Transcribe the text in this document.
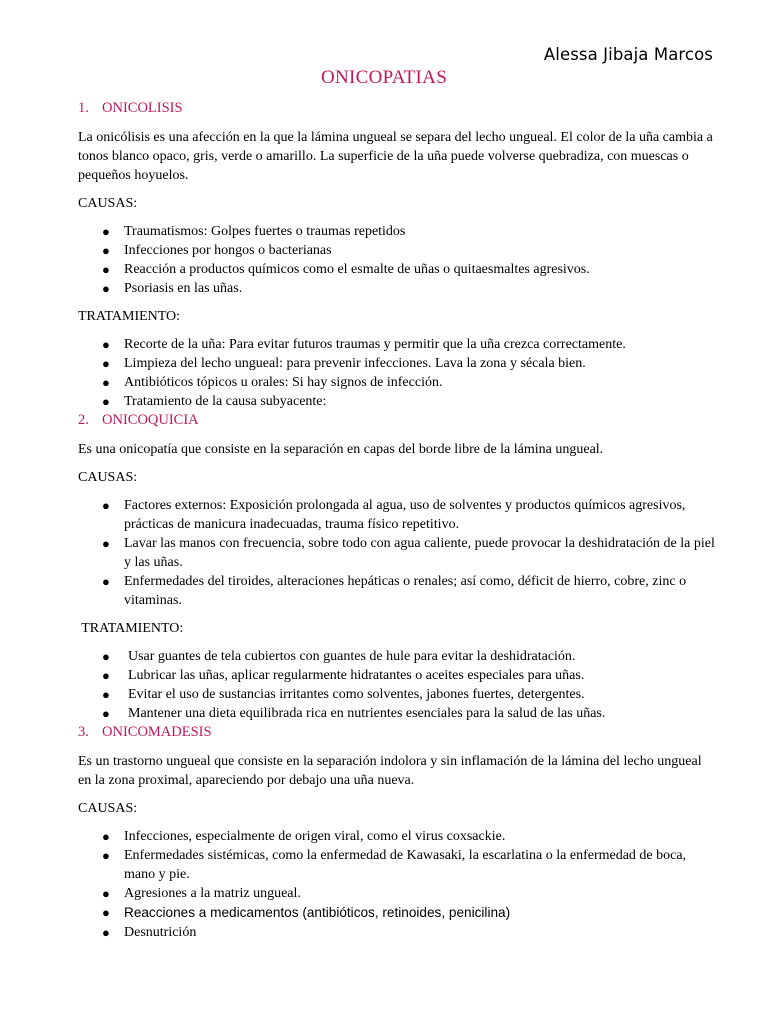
Alessa Jibaja Marcos
ONICOPATIAS
1. ONICOLISIS

La onicólisis es una afección en la que la lámina ungueal se separa del lecho ungueal. El color de la uña cambia a tonos blanco opaco, gris, verde o amarillo. La superficie de la uña puede volverse quebradiza, con muescas o pequeños hoyuelos.

CAUSAS:

● Traumatismos: Golpes fuertes o traumas repetidos
● Infecciones por hongos o bacterianas
● Reacción a productos químicos como el esmalte de uñas o quitaesmaltes agresivos.
● Psoriasis en las uñas.

TRATAMIENTO:

● Recorte de la uña: Para evitar futuros traumas y permitir que la uña crezca correctamente.
● Limpieza del lecho ungueal: para prevenir infecciones. Lava la zona y sécala bien.
● Antibióticos tópicos u orales: Si hay signos de infección.
● Tratamiento de la causa subyacente:
2. ONICOQUICIA

Es una onicopatía que consiste en la separación en capas del borde libre de la lámina ungueal.

CAUSAS:

● Factores externos: Exposición prolongada al agua, uso de solventes y productos químicos agresivos, prácticas de manicura inadecuadas, trauma físico repetitivo.
● Lavar las manos con frecuencia, sobre todo con agua caliente, puede provocar la deshidratación de la piel y las uñas.
● Enfermedades del tiroides, alteraciones hepáticas o renales; así como, déficit de hierro, cobre, zinc o vitaminas.

TRATAMIENTO:

● Usar guantes de tela cubiertos con guantes de hule para evitar la deshidratación.
● Lubricar las uñas, aplicar regularmente hidratantes o aceites especiales para uñas.
● Evitar el uso de sustancias irritantes como solventes, jabones fuertes, detergentes.
● Mantener una dieta equilibrada rica en nutrientes esenciales para la salud de las uñas.
3. ONICOMADESIS

Es un trastorno ungueal que consiste en la separación indolora y sin inflamación de la lámina del lecho ungueal en la zona proximal, apareciendo por debajo una uña nueva.

CAUSAS:

● Infecciones, especialmente de origen viral, como el virus coxsackie.
● Enfermedades sistémicas, como la enfermedad de Kawasaki, la escarlatina o la enfermedad de boca, mano y pie.
● Agresiones a la matriz ungueal.
● Reacciones a medicamentos (antibióticos, retinoides, penicilina)
● Desnutrición
